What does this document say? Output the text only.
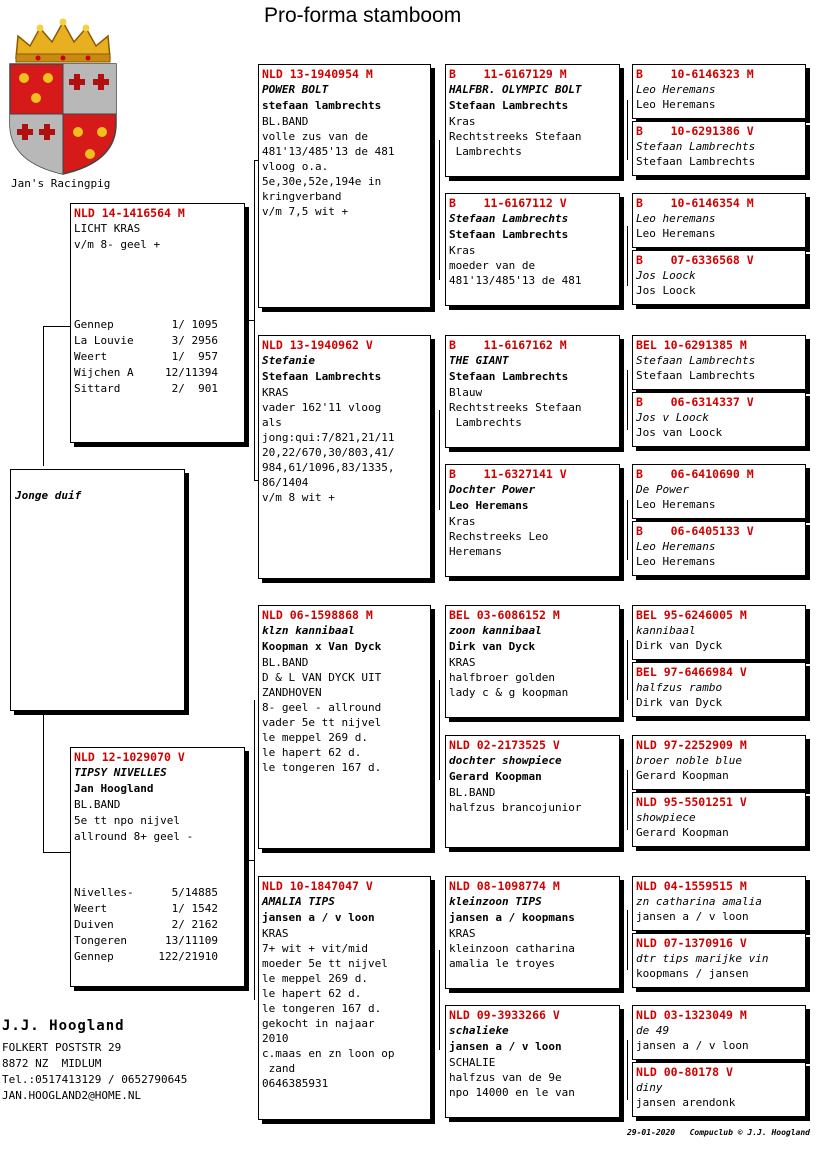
Pro-forma stamboom
Jan's Racingpig
Jonge duif
NLD 14-1416564 M
LICHT KRAS
v/m 8- geel +
Gennep	1/ 1095
La Louvie	3/ 2956
Weert	1/  957
Wijchen A	12/11394
Sittard	2/  901
NLD 12-1029070 V
TIPSY NIVELLES
Jan Hoogland
BL.BAND
5e tt npo nijvel
allround 8+ geel -
Nivelles-	5/14885
Weert	1/ 1542
Duiven	2/ 2162
Tongeren	13/11109
Gennep	122/21910
NLD 13-1940954 M
POWER BOLT
stefaan lambrechts
BL.BAND
volle zus van de
481'13/485'13 de 481
vloog o.a.
5e,30e,52e,194e in
kringverband
v/m 7,5 wit +
NLD 13-1940962 V
Stefanie
Stefaan Lambrechts
KRAS
vader 162'11 vloog
als
jong:qui:7/821,21/11
20,22/670,30/803,41/
984,61/1096,83/1335,
86/1404
v/m 8 wit +
NLD 06-1598868 M
klzn kannibaal
Koopman x Van Dyck
BL.BAND
D & L VAN DYCK UIT
ZANDHOVEN
8- geel - allround
vader 5e tt nijvel
le meppel 269 d.
le hapert 62 d.
le tongeren 167 d.
NLD 10-1847047 V
AMALIA TIPS
jansen a / v loon
KRAS
7+ wit + vit/mid
moeder 5e tt nijvel
le meppel 269 d.
le hapert 62 d.
le tongeren 167 d.
gekocht in najaar
2010
c.maas en zn loon op
zand
0646385931
B    11-6167129 M
HALFBR. OLYMPIC BOLT
Stefaan Lambrechts
Kras
Rechtstreeks Stefaan
Lambrechts
B    11-6167112 V
Stefaan Lambrechts
Stefaan Lambrechts
Kras
moeder van de
481'13/485'13 de 481
B    11-6167162 M
THE GIANT
Stefaan Lambrechts
Blauw
Rechtstreeks Stefaan
Lambrechts
B    11-6327141 V
Dochter Power
Leo Heremans
Kras
Rechstreeks Leo
Heremans
BEL 03-6086152 M
zoon kannibaal
Dirk van Dyck
KRAS
halfbroer golden
lady c & g koopman
NLD 02-2173525 V
dochter showpiece
Gerard Koopman
BL.BAND
halfzus brancojunior
NLD 08-1098774 M
kleinzoon TIPS
jansen a / koopmans
KRAS
kleinzoon catharina
amalia le troyes
NLD 09-3933266 V
schalieke
jansen a / v loon
SCHALIE
halfzus van de 9e
npo 14000 en le van
B    10-6146323 M
Leo Heremans
Leo Heremans
B    10-6291386 V
Stefaan Lambrechts
Stefaan Lambrechts
B    10-6146354 M
Leo heremans
Leo Heremans
B    07-6336568 V
Jos Loock
Jos Loock
BEL 10-6291385 M
Stefaan Lambrechts
Stefaan Lambrechts
B    06-6314337 V
Jos v Loock
Jos van Loock
B    06-6410690 M
De Power
Leo Heremans
B    06-6405133 V
Leo Heremans
Leo Heremans
BEL 95-6246005 M
kannibaal
Dirk van Dyck
BEL 97-6466984 V
halfzus rambo
Dirk van Dyck
NLD 97-2252909 M
broer noble blue
Gerard Koopman
NLD 95-5501251 V
showpiece
Gerard Koopman
NLD 04-1559515 M
zn catharina amalia
jansen a / v loon
NLD 07-1370916 V
dtr tips marijke vin
koopmans / jansen
NLD 03-1323049 M
de 49
jansen a / v loon
NLD 00-80178 V
diny
jansen arendonk
J.J. Hoogland
FOLKERT POSTSTR 29
8872 NZ  MIDLUM
Tel.:0517413129 / 0652790645
JAN.HOOGLAND2@HOME.NL
29-01-2020 Compuclub © J.J. Hoogland
